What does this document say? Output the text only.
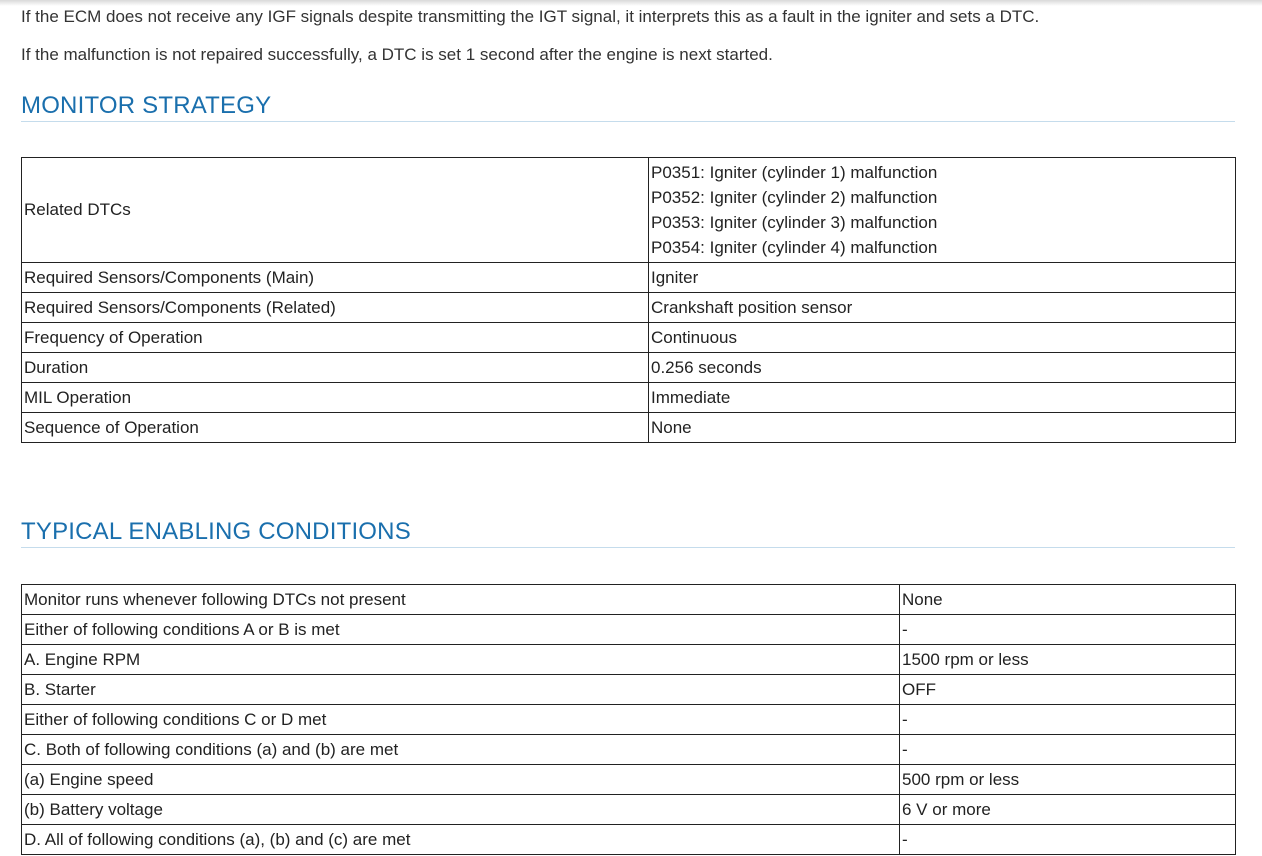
If the ECM does not receive any IGF signals despite transmitting the IGT signal, it interprets this as a fault in the igniter and sets a DTC.
If the malfunction is not repaired successfully, a DTC is set 1 second after the engine is next started.
MONITOR STRATEGY
Related DTCs	P0351: Igniter (cylinder 1) malfunction
P0352: Igniter (cylinder 2) malfunction
P0353: Igniter (cylinder 3) malfunction
P0354: Igniter (cylinder 4) malfunction

Required Sensors/Components (Main)	Igniter
Required Sensors/Components (Related)	Crankshaft position sensor
Frequency of Operation	Continuous
Duration	0.256 seconds
MIL Operation	Immediate
Sequence of Operation	None
TYPICAL ENABLING CONDITIONS
Monitor runs whenever following DTCs not present	None
Either of following conditions A or B is met	-
A. Engine RPM	1500 rpm or less
B. Starter	OFF
Either of following conditions C or D met	-
C. Both of following conditions (a) and (b) are met	-
(a) Engine speed	500 rpm or less
(b) Battery voltage	6 V or more
D. All of following conditions (a), (b) and (c) are met	-
